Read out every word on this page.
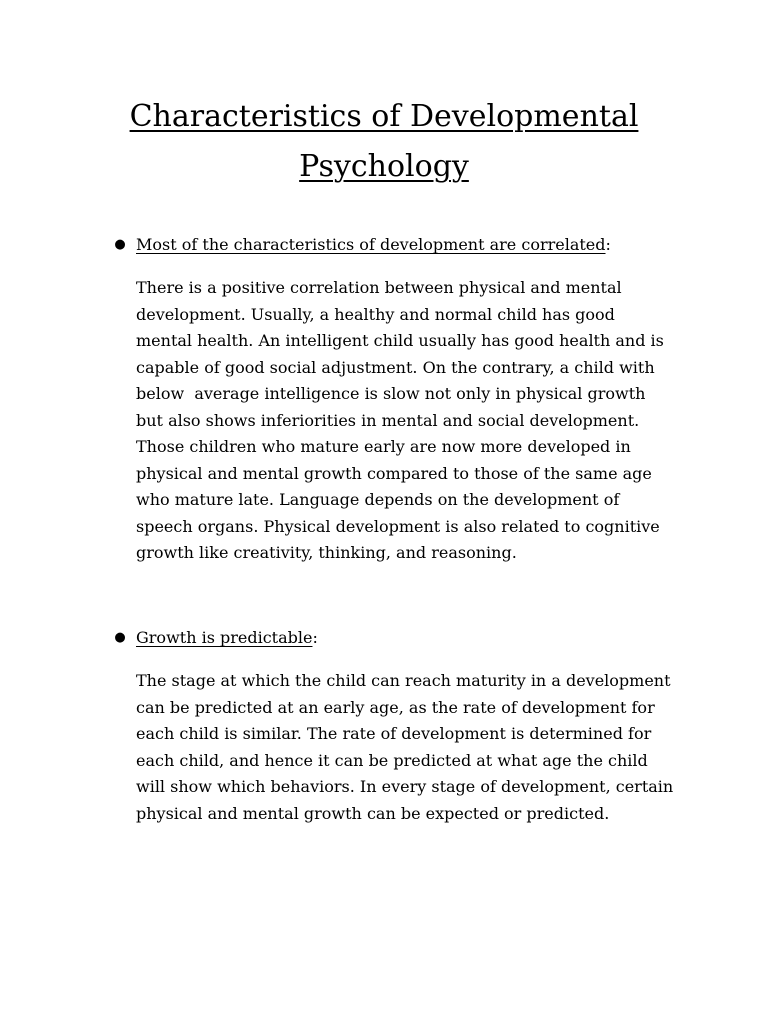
Characteristics of Developmental
Psychology
● Most of the characteristics of development are correlated:

There is a positive correlation between physical and mental
development. Usually, a healthy and normal child has good
mental health. An intelligent child usually has good health and is
capable of good social adjustment. On the contrary, a child with
below  average intelligence is slow not only in physical growth
but also shows inferiorities in mental and social development.
Those children who mature early are now more developed in
physical and mental growth compared to those of the same age
who mature late. Language depends on the development of
speech organs. Physical development is also related to cognitive
growth like creativity, thinking, and reasoning.

● Growth is predictable:

The stage at which the child can reach maturity in a development
can be predicted at an early age, as the rate of development for
each child is similar. The rate of development is determined for
each child, and hence it can be predicted at what age the child
will show which behaviors. In every stage of development, certain
physical and mental growth can be expected or predicted.
